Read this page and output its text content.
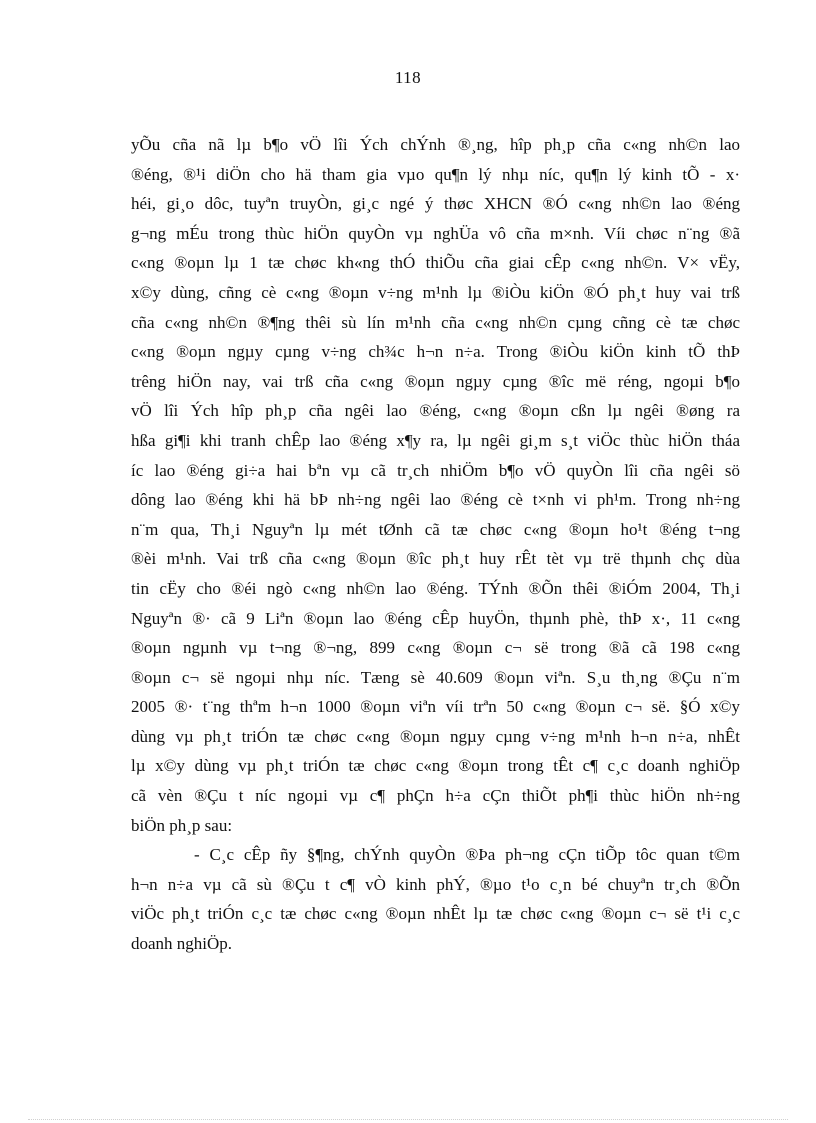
118
yÕu cña nã lµ b¶o vÖ lîi Ých chÝnh ®¸ng, hîp ph¸p cña c«ng nh©n lao
®éng, ®¹i diÖn cho hä tham gia vµo qu¶n lý nhµ níc, qu¶n lý kinh tÕ - x·
héi, gi¸o dôc, tuyªn truyÒn, gi¸c ngé ý thøc XHCN ®Ó c«ng nh©n lao ®éng
g¬ng mÉu trong thùc hiÖn quyÒn vµ nghÜa vô cña m×nh. Víi chøc n¨ng ®ã
c«ng ®oµn lµ 1 tæ chøc kh«ng thÓ thiÕu cña giai cÊp c«ng nh©n. V× vËy,
x©y dùng, cñng cè c«ng ®oµn v÷ng m¹nh lµ ®iÒu kiÖn ®Ó ph¸t huy vai trß
cña c«ng nh©n ®¶ng thêi sù lín m¹nh cña c«ng nh©n cµng cñng cè tæ chøc
c«ng ®oµn ngµy cµng v÷ng ch¾c h¬n n÷a. Trong ®iÒu kiÖn kinh tÕ thÞ
trêng hiÖn nay, vai trß cña c«ng ®oµn ngµy cµng ®îc më réng, ngoµi b¶o
vÖ lîi Ých hîp ph¸p cña ngêi lao ®éng, c«ng ®oµn cßn lµ ngêi ®øng ra
hßa gi¶i khi tranh chÊp lao ®éng x¶y ra, lµ ngêi gi¸m s¸t viÖc thùc hiÖn tháa
íc lao ®éng gi÷a hai bªn vµ cã tr¸ch nhiÖm b¶o vÖ quyÒn lîi cña ngêi sö
dông lao ®éng khi hä bÞ nh÷ng ngêi lao ®éng cè t×nh vi ph¹m. Trong nh÷ng
n¨m qua, Th¸i Nguyªn lµ mét tØnh cã tæ chøc c«ng ®oµn ho¹t ®éng t¬ng
®èi m¹nh. Vai trß cña c«ng ®oµn ®îc ph¸t huy rÊt tèt vµ trë thµnh chç dùa
tin cËy cho ®éi ngò c«ng nh©n lao ®éng. TÝnh ®Õn thêi ®iÓm 2004, Th¸i
Nguyªn ®· cã 9 Liªn ®oµn lao ®éng cÊp huyÖn, thµnh phè, thÞ x·, 11 c«ng
®oµn ngµnh vµ t¬ng ®¬ng, 899 c«ng ®oµn c¬ së trong ®ã cã 198 c«ng
®oµn c¬ së ngoµi nhµ níc. Tæng sè 40.609 ®oµn viªn. S¸u th¸ng ®Çu n¨m
2005 ®· t¨ng thªm h¬n 1000 ®oµn viªn víi trªn 50 c«ng ®oµn c¬ së. §Ó x©y
dùng vµ ph¸t triÓn tæ chøc c«ng ®oµn ngµy cµng v÷ng m¹nh h¬n n÷a, nhÊt
lµ x©y dùng vµ ph¸t triÓn tæ chøc c«ng ®oµn trong tÊt c¶ c¸c doanh nghiÖp
cã vèn ®Çu t níc ngoµi vµ c¶ phÇn h÷a cÇn thiÕt ph¶i thùc hiÖn nh÷ng
biÖn ph¸p sau:
- C¸c cÊp ñy §¶ng, chÝnh quyÒn ®Þa ph¬ng cÇn tiÕp tôc quan t©m
h¬n n÷a vµ cã sù ®Çu t c¶ vÒ kinh phÝ, ®µo t¹o c¸n bé chuyªn tr¸ch ®Õn
viÖc ph¸t triÓn c¸c tæ chøc c«ng ®oµn nhÊt lµ tæ chøc c«ng ®oµn c¬ së t¹i c¸c
doanh nghiÖp.
